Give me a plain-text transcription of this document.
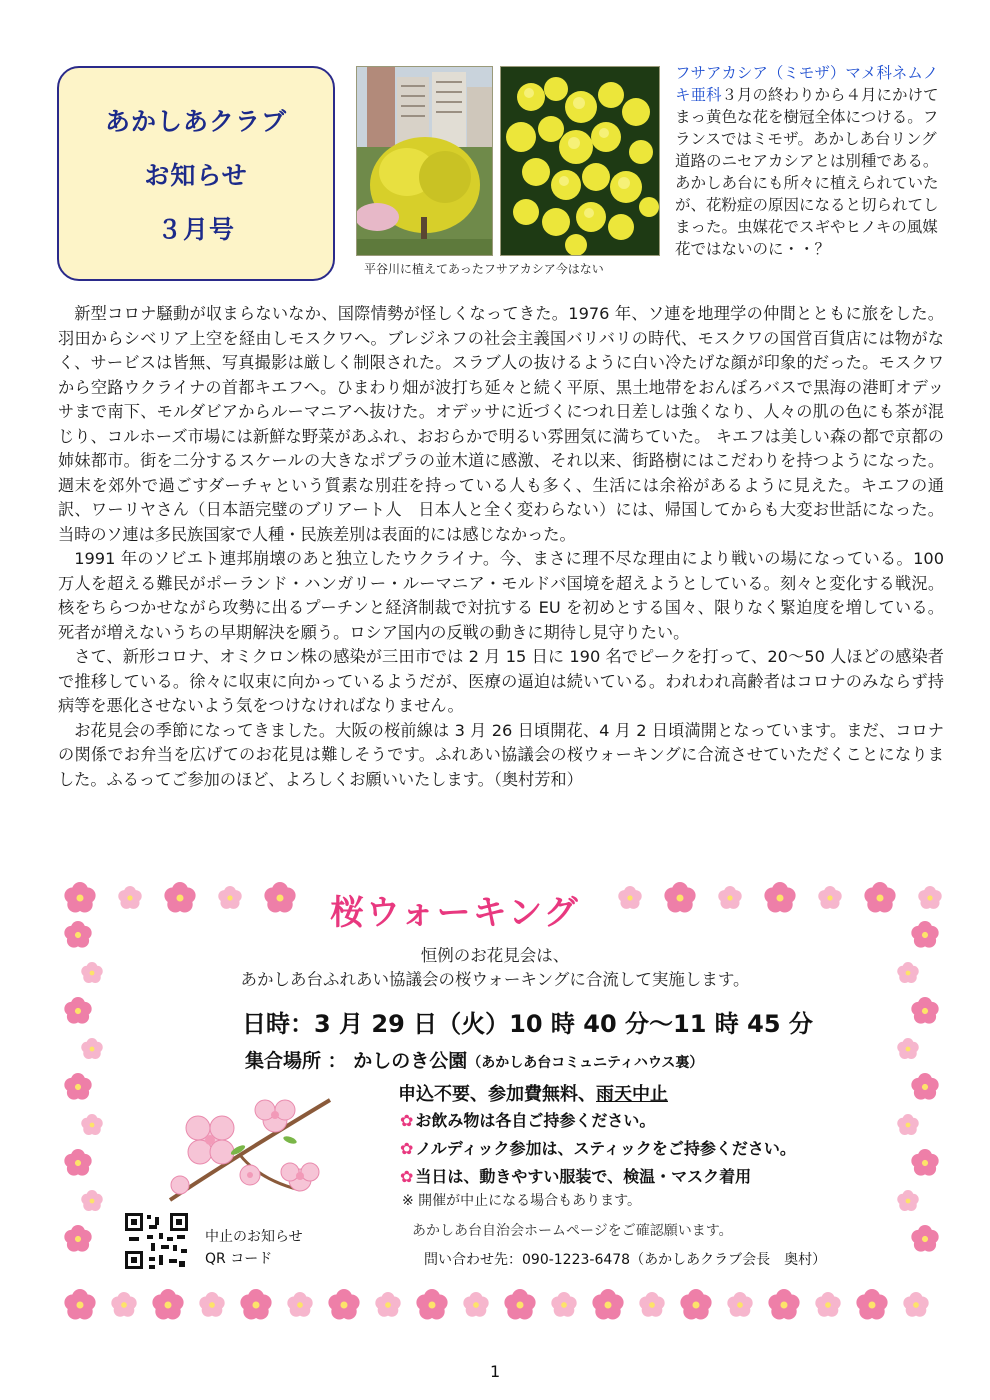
あかしあクラブ
お知らせ
３月号
平谷川に植えてあったフサアカシア今はない
フサアカシア（ミモザ）マメ科ネムノキ亜科３月の終わりから４月にかけてまっ黄色な花を樹冠全体につける。フランスではミモザ。あかしあ台リング道路のニセアカシアとは別種である。あかしあ台にも所々に植えられていたが、花粉症の原因になると切られてしまった。虫媒花でスギやヒノキの風媒花ではないのに・・？

新型コロナ騒動が収まらないなか、国際情勢が怪しくなってきた。1976 年、ソ連を地理学の仲間とともに旅をした。羽田からシベリア上空を経由しモスクワへ。ブレジネフの社会主義国バリバリの時代、モスクワの国営百貨店には物がなく、サービスは皆無、写真撮影は厳しく制限された。スラブ人の抜けるように白い冷たげな顔が印象的だった。モスクワから空路ウクライナの首都キエフへ。ひまわり畑が波打ち延々と続く平原、黒土地帯をおんぼろバスで黒海の港町オデッサまで南下、モルダビアからルーマニアへ抜けた。オデッサに近づくにつれ日差しは強くなり、人々の肌の色にも茶が混じり、コルホーズ市場には新鮮な野菜があふれ、おおらかで明るい雰囲気に満ちていた。 キエフは美しい森の都で京都の姉妹都市。街を二分するスケールの大きなポプラの並木道に感激、それ以来、街路樹にはこだわりを持つようになった。週末を郊外で過ごすダーチャという質素な別荘を持っている人も多く、生活には余裕があるように見えた。キエフの通訳、ワーリヤさん（日本語完璧のブリアート人　日本人と全く変わらない）には、帰国してからも大変お世話になった。当時のソ連は多民族国家で人種・民族差別は表面的には感じなかった。

1991 年のソビエト連邦崩壊のあと独立したウクライナ。今、まさに理不尽な理由により戦いの場になっている。100 万人を超える難民がポーランド・ハンガリー・ルーマニア・モルドバ国境を超えようとしている。刻々と変化する戦況。核をちらつかせながら攻勢に出るプーチンと経済制裁で対抗する EU を初めとする国々、限りなく緊迫度を増している。死者が増えないうちの早期解決を願う。ロシア国内の反戦の動きに期待し見守りたい。

さて、新形コロナ、オミクロン株の感染が三田市では 2 月 15 日に 190 名でピークを打って、20〜50 人ほどの感染者で推移している。徐々に収束に向かっているようだが、医療の逼迫は続いている。われわれ高齢者はコロナのみならず持病等を悪化させないよう気をつけなければなりません。

お花見会の季節になってきました。大阪の桜前線は 3 月 26 日頃開花、4 月 2 日頃満開となっています。まだ、コロナの関係でお弁当を広げてのお花見は難しそうです。ふれあい協議会の桜ウォーキングに合流させていただくことになりました。ふるってご参加のほど、よろしくお願いいたします。（奥村芳和）

桜ウォーキング
恒例のお花見会は、
あかしあ台ふれあい協議会の桜ウォーキングに合流して実施します。
日時：3 月 29 日（火）10 時 40 分〜11 時 45 分
集合場所 ： かしのき公園（あかしあ台コミュニティハウス裏）
申込不要、参加費無料、雨天中止
✿ お飲み物は各自ご持参ください。
✿ ノルディック参加は、スティックをご持参ください。
✿ 当日は、動きやすい服装で、検温・マスク着用
※ 開催が中止になる場合もあります。
あかしあ台自治会ホームページをご確認願います。
問い合わせ先：090-1223-6478（あかしあクラブ会長　奥村）
中止のお知らせ
QR コード
1
